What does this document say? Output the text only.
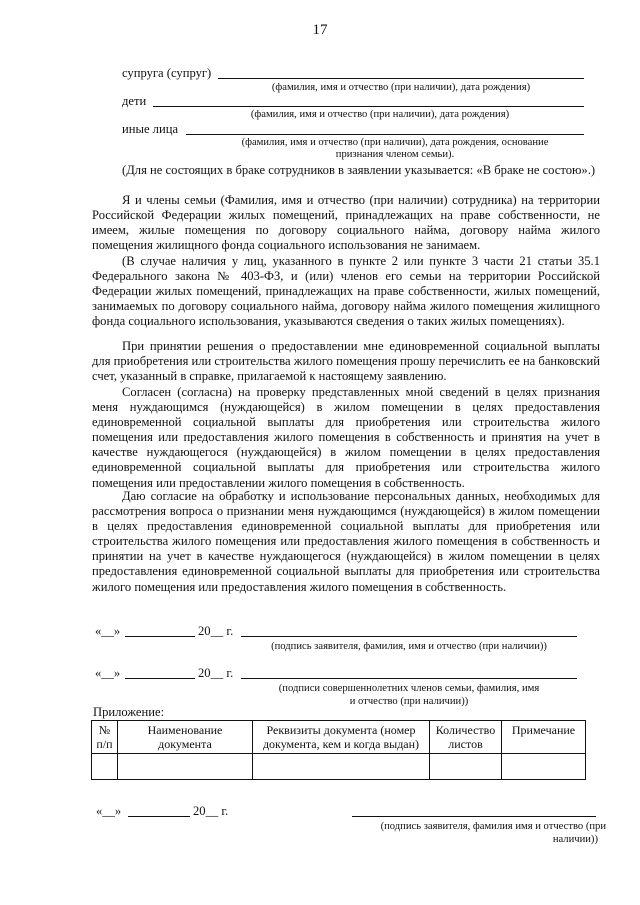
17
супруга (супруг)
(фамилия, имя и отчество (при наличии), дата рождения)
дети
(фамилия, имя и отчество (при наличии), дата рождения)
иные лица
(фамилия, имя и отчество (при наличии), дата рождения, основание
признания членом семьи).

(Для не состоящих в браке сотрудников в заявлении указывается: «В браке не состою».)

Я и члены семьи (Фамилия, имя и отчество (при наличии) сотрудника) на территории Российской Федерации жилых помещений, принадлежащих на праве собственности, не имеем, жилые помещения по договору социального найма, договору найма жилого помещения жилищного фонда социального использования не занимаем.

(В случае наличия у лиц, указанного в пункте 2 или пункте 3 части 21 статьи 35.1 Федерального закона № 403-ФЗ, и (или) членов его семьи на территории Российской Федерации жилых помещений, принадлежащих на праве собственности, жилых помещений, занимаемых по договору социального найма, договору найма жилого помещения жилищного фонда социального использования, указываются сведения о таких жилых помещениях).

При принятии решения о предоставлении мне единовременной социальной выплаты для приобретения или строительства жилого помещения прошу перечислить ее на банковский счет, указанный в справке, прилагаемой к настоящему заявлению.

Согласен (согласна) на проверку представленных мной сведений в целях признания меня нуждающимся (нуждающейся) в жилом помещении в целях предоставления единовременной социальной выплаты для приобретения или строительства жилого помещения или предоставления жилого помещения в собственность и принятия на учет в качестве нуждающегося (нуждающейся) в жилом помещении в целях предоставления единовременной социальной выплаты для приобретения или строительства жилого помещения или предоставлении жилого помещения в собственность.

Даю согласие на обработку и использование персональных данных, необходимых для рассмотрения вопроса о признании меня нуждающимся (нуждающейся) в жилом помещении в целях предоставления единовременной социальной выплаты для приобретения или строительства жилого помещения или предоставления жилого помещения в собственность и принятии на учет в качестве нуждающегося (нуждающейся) в жилом помещении в целях предоставления единовременной социальной выплаты для приобретения или строительства жилого помещения или предоставления жилого помещения в собственность.

«__»	20__ г.
(подпись заявителя, фамилия, имя и отчество (при наличии))
«__»	20__ г.
(подписи совершеннолетних членов семьи, фамилия, имя
и отчество (при наличии))
Приложение:
№ п/п	Наименование документа	Реквизиты документа (номер документа, кем и когда выдан)	Количество листов	Примечание

«__»	20__ г.
(подпись заявителя, фамилия имя и отчество (при
наличии))
